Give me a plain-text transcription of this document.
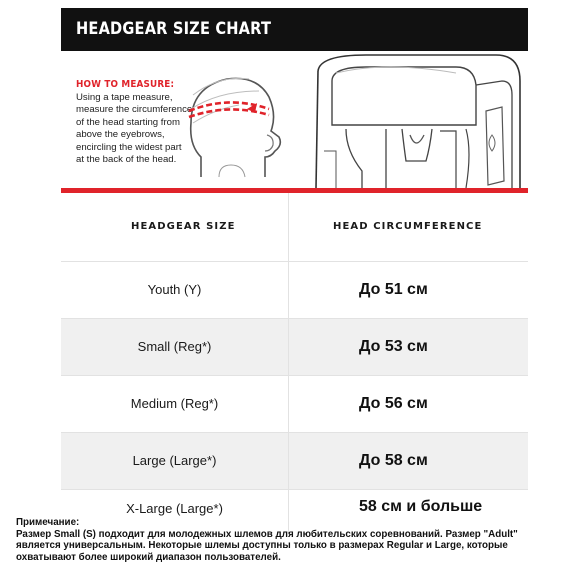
HEADGEAR SIZE CHART
HOW TO MEASURE:
Using a tape measure,
measure the circumference
of the head starting from
above the eyebrows,
encircling the widest part
at the back of the head.
HEADGEAR SIZE	HEAD CIRCUMFERENCE
Youth (Y)	До 51 см
Small (Reg*)	До 53 см
Medium (Reg*)	До 56 см
Large (Large*)	До 58 см
X-Large (Large*)	58 см и больше
Примечание:
Размер Small (S) подходит для молодежных шлемов для любительских соревнований. Размер "Adult"
является универсальным. Некоторые шлемы доступны только в размерах Regular и Large, которые
охватывают более широкий диапазон пользователей.
